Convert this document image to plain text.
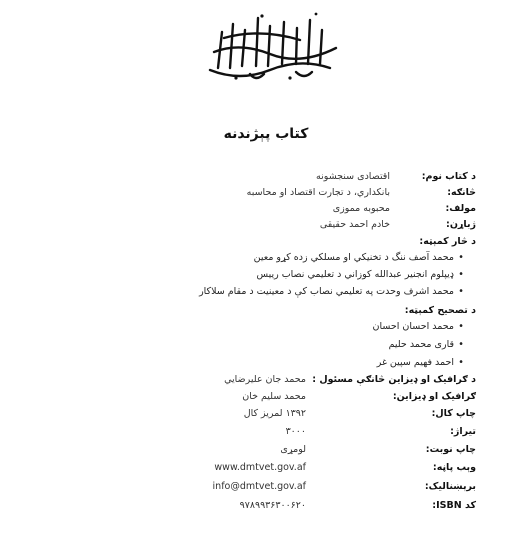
کتاب پېژندنه
د کتاب نوم:
اقتصادی سنجشونه
څانګه:
بانکداري، د تجارت اقتصاد او محاسبه
مولف:
محبوبه مموزی
ژباړن:
خادم احمد حقیقی
د څار کمېټه:
•محمد آصف ننگ د تخنیکي او مسلکي زده کړو معین
•ډیپلوم انجنیر عبدالله کوزاني د تعلیمي نصاب رییس
•محمد اشرف وحدت په تعلیمي نصاب کې د معینیت د مقام سلاکار
د تصحیح کمېټه:
•محمد احسان احسان
•قاری محمد حلیم
•احمد فهیم سپین غر
د ګرافیک او ډیزاین څانګې مسئول :
محمد جان علیرضایي
ګرافیک او ډیزاین:
محمد سلیم خان
چاپ کال:
۱۳۹۲ لمریز کال
تیراژ:
۳۰۰۰
چاپ نوبت:
لومړی
وېب پاڼه:
www.dmtvet.gov.af
برېښنالیک:
info@dmtvet.gov.af
کد ISBN:
۹۷۸۹۹۳۶۳۰۰۶۲۰
